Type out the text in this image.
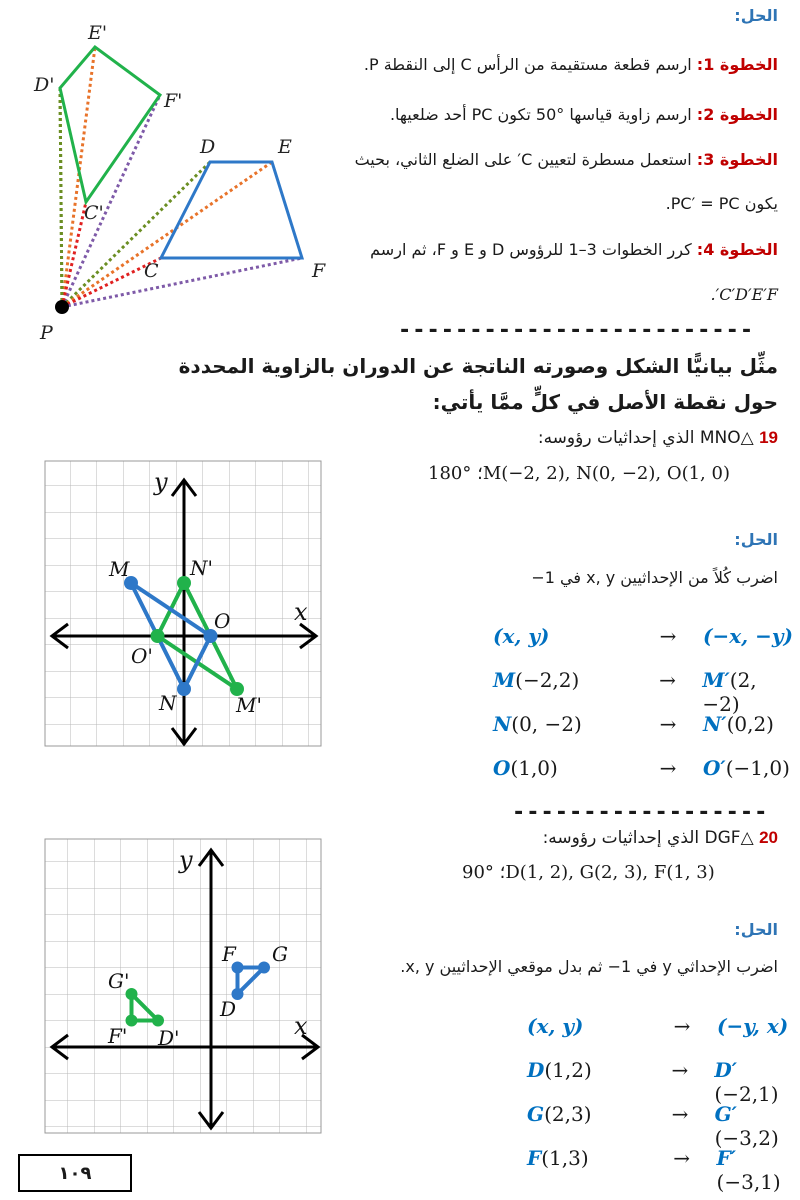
E'
D'
F'
C'
D	E
C	F
P
الحل:
الخطوة 1: ارسم قطعة مستقيمة من الرأس C إلى النقطة P.
الخطوة 2: ارسم زاوية قياسها °50 تكون PC أحد ضلعيها.
الخطوة 3: استعمل مسطرة لتعيين C′ على الضلع الثاني، بحيث
يكون PC′ = PC.
الخطوة 4: كرر الخطوات 3–1 للرؤوس D و E و F، ثم ارسم
C′D′E′F′.
-------------------------
مثِّل بيانيًّا الشكل وصورته الناتجة عن الدوران بالزاوية المحددة
حول نقطة الأصل في كلٍّ ممَّا يأتي:
y
x
M	N'
O
O'
N	M'
19 △MNO الذي إحداثيات رؤوسه:
180° ؛M(−2, 2), N(0, −2), O(1, 0)
الحل:
اضرب كُلاً من الإحداثيين x, y في 1−
(x, y)	→	(−x, −y)
M(−2,2)	→	M′(2, −2)
N(0, −2)	→	N′(0,2)
O(1,0)	→	O′(−1,0)
------------------
y
x
F G
D
G'
F' D'
20 △DGF الذي إحداثيات رؤوسه:
90° ؛D(1, 2), G(2, 3), F(1, 3)
الحل:
اضرب الإحداثي y في 1− ثم بدل موقعي الإحداثيين x, y.
(x, y)	→	(−y, x)
D(1,2)	→	D′(−2,1)
G(2,3)	→	G′(−3,2)
F(1,3)	→	F′(−3,1)
١٠٩
